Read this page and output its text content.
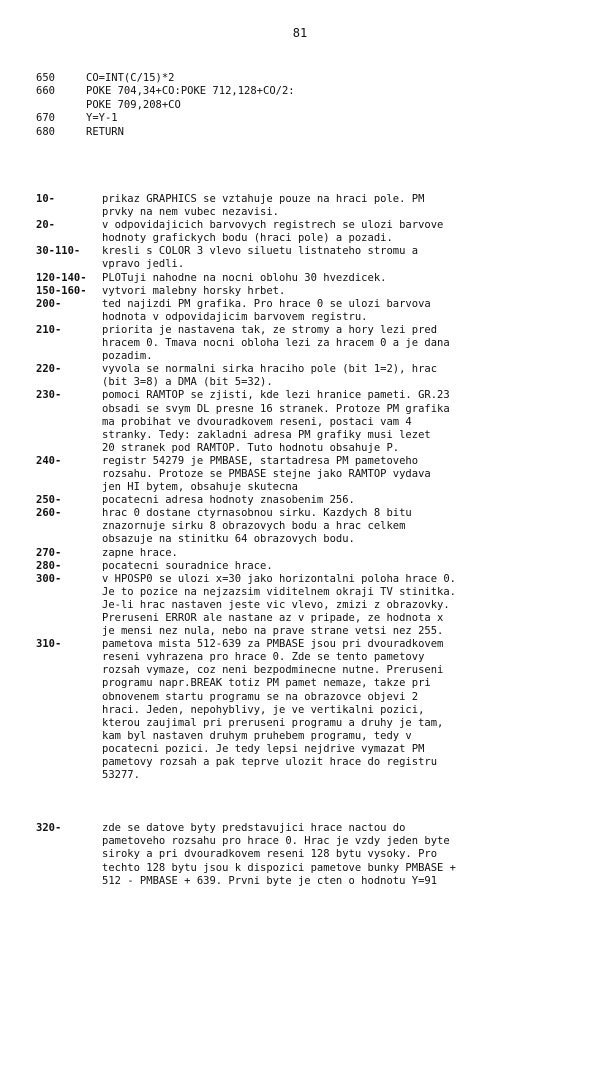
81
650	CO=INT(C/15)*2
660	POKE 704,34+CO:POKE 712,128+CO/2:
POKE 709,208+CO
670	Y=Y-1
680	RETURN
10-	prikaz GRAPHICS se vztahuje pouze na hraci pole. PM
prvky na nem vubec nezavisi.
20-	v odpovidajicich barvovych registrech se ulozi barvove
hodnoty grafickych bodu (hraci pole) a pozadi.
30-110-	kresli s COLOR 3 vlevo siluetu listnateho stromu a
vpravo jedli.
120-140-	PLOTuji nahodne na nocni oblohu 30 hvezdicek.
150-160-	vytvori malebny horsky hrbet.
200-	ted najizdi PM grafika. Pro hrace 0 se ulozi barvova
hodnota v odpovidajicim barvovem registru.
210-	priorita je nastavena tak, ze stromy a hory lezi pred
hracem 0. Tmava nocni obloha lezi za hracem 0 a je dana
pozadim.
220-	vyvola se normalni sirka hraciho pole (bit 1=2), hrac
(bit 3=8) a DMA (bit 5=32).
230-	pomoci RAMTOP se zjisti, kde lezi hranice pameti. GR.23
obsadi se svym DL presne 16 stranek. Protoze PM grafika
ma probihat ve dvouradkovem reseni, postaci vam 4
stranky. Tedy: zakladni adresa PM grafiky musi lezet
20 stranek pod RAMTOP. Tuto hodnotu obsahuje P.
240-	registr 54279 je PMBASE, startadresa PM pametoveho
rozsahu. Protoze se PMBASE stejne jako RAMTOP vydava
jen HI bytem, obsahuje skutecna
250-	pocatecni adresa hodnoty znasobenim 256.
260-	hrac 0 dostane ctyrnasobnou sirku. Kazdych 8 bitu
znazornuje sirku 8 obrazovych bodu a hrac celkem
obsazuje na stinitku 64 obrazovych bodu.
270-	zapne hrace.
280-	pocatecni souradnice hrace.
300-	v HPOSP0 se ulozi x=30 jako horizontalni poloha hrace 0.
Je to pozice na nejzazsim viditelnem okraji TV stinitka.
Je-li hrac nastaven jeste vic vlevo, zmizi z obrazovky.
Preruseni ERROR ale nastane az v pripade, ze hodnota x
je mensi nez nula, nebo na prave strane vetsi nez 255.
310-	pametova mista 512-639 za PMBASE jsou pri dvouradkovem
reseni vyhrazena pro hrace 0. Zde se tento pametovy
rozsah vymaze, coz neni bezpodminecne nutne. Preruseni
programu napr.BREAK totiz PM pamet nemaze, takze pri
obnovenem startu programu se na obrazovce objevi 2
hraci. Jeden, nepohyblivy, je ve vertikalni pozici,
kterou zaujimal pri preruseni programu a druhy je tam,
kam byl nastaven druhym pruhebem programu, tedy v
pocatecni pozici. Je tedy lepsi nejdrive vymazat PM
pametovy rozsah a pak teprve ulozit hrace do registru
53277.
320-	zde se datove byty predstavujici hrace nactou do
pametoveho rozsahu pro hrace 0. Hrac je vzdy jeden byte
siroky a pri dvouradkovem reseni 128 bytu vysoky. Pro
techto 128 bytu jsou k dispozici pametove bunky PMBASE +
512 - PMBASE + 639. Prvni byte je cten o hodnotu Y=91
